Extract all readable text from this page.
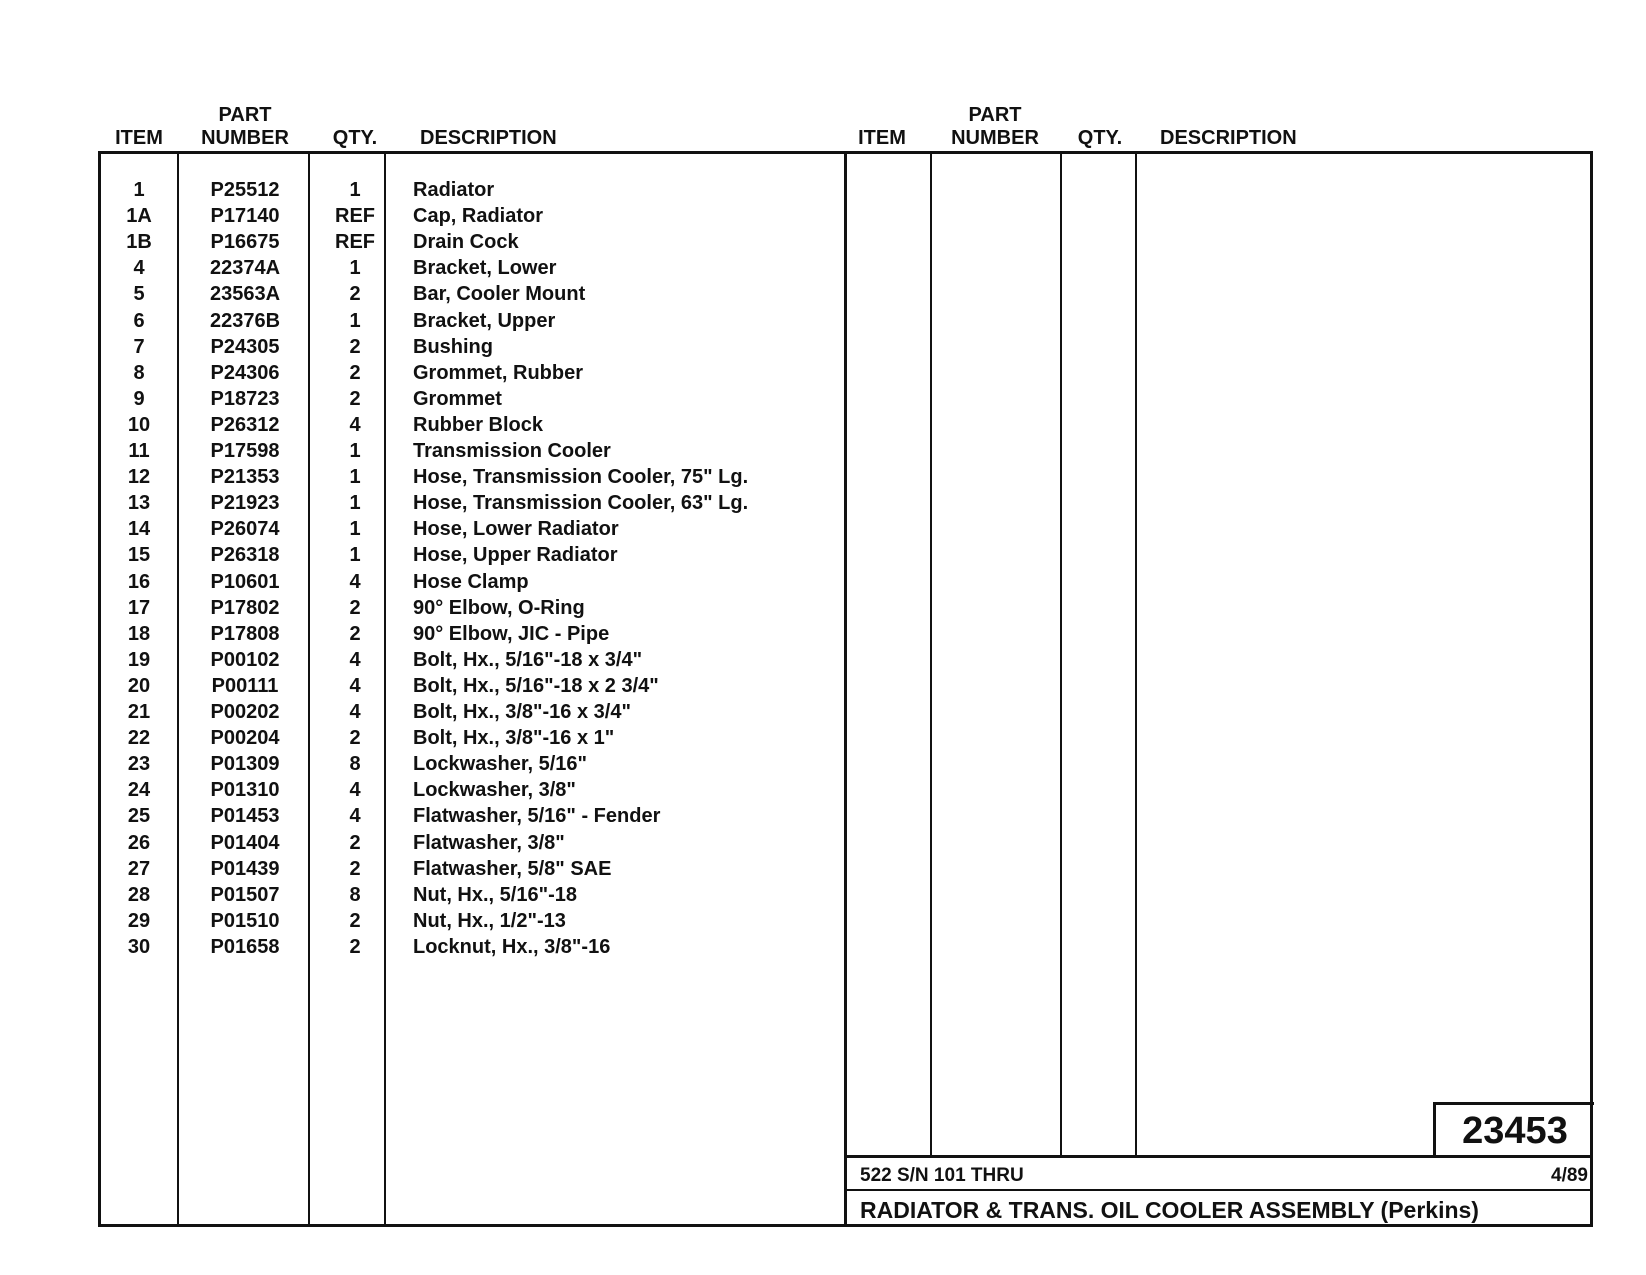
ITEM
PART
NUMBER	QTY.	DESCRIPTION	ITEM
PART
NUMBER	QTY.	DESCRIPTION
1	P25512	1	Radiator
1A	P17140	REF	Cap, Radiator
1B	P16675	REF	Drain Cock
4	22374A	1	Bracket, Lower
5	23563A	2	Bar, Cooler Mount
6	22376B	1	Bracket, Upper
7	P24305	2	Bushing
8	P24306	2	Grommet, Rubber
9	P18723	2	Grommet
10	P26312	4	Rubber Block
11	P17598	1	Transmission Cooler
12	P21353	1	Hose, Transmission Cooler, 75" Lg.
13	P21923	1	Hose, Transmission Cooler, 63" Lg.
14	P26074	1	Hose, Lower Radiator
15	P26318	1	Hose, Upper Radiator
16	P10601	4	Hose Clamp
17	P17802	2	90° Elbow, O-Ring
18	P17808	2	90° Elbow, JIC - Pipe
19	P00102	4	Bolt, Hx., 5/16"-18 x 3/4"
20	P00111	4	Bolt, Hx., 5/16"-18 x 2 3/4"
21	P00202	4	Bolt, Hx., 3/8"-16 x 3/4"
22	P00204	2	Bolt, Hx., 3/8"-16 x 1"
23	P01309	8	Lockwasher, 5/16"
24	P01310	4	Lockwasher, 3/8"
25	P01453	4	Flatwasher, 5/16" - Fender
26	P01404	2	Flatwasher, 3/8"
27	P01439	2	Flatwasher, 5/8" SAE
28	P01507	8	Nut, Hx., 5/16"-18
29	P01510	2	Nut, Hx., 1/2"-13
30	P01658	2	Locknut, Hx., 3/8"-16
23453
522 S/N 101 THRU	4/89
RADIATOR & TRANS. OIL COOLER ASSEMBLY (Perkins)
